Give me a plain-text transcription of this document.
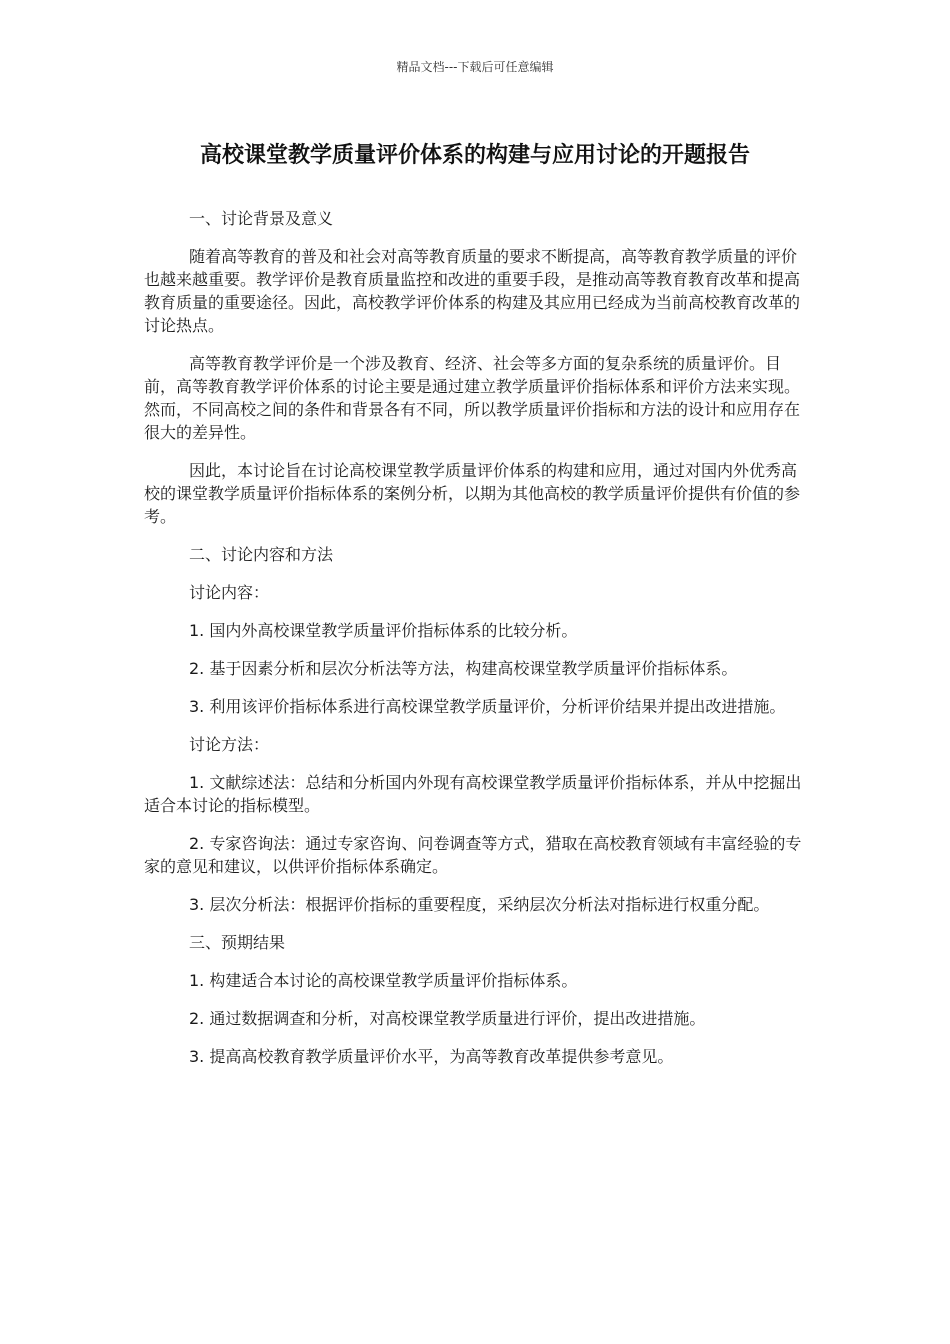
精品文档---下载后可任意编辑
高校课堂教学质量评价体系的构建与应用讨论的开题报告

一、讨论背景及意义

随着高等教育的普及和社会对高等教育质量的要求不断提高，高等教育教学质量的评价也越来越重要。教学评价是教育质量监控和改进的重要手段，是推动高等教育教育改革和提高教育质量的重要途径。因此，高校教学评价体系的构建及其应用已经成为当前高校教育改革的讨论热点。

高等教育教学评价是一个涉及教育、经济、社会等多方面的复杂系统的质量评价。目前，高等教育教学评价体系的讨论主要是通过建立教学质量评价指标体系和评价方法来实现。然而，不同高校之间的条件和背景各有不同，所以教学质量评价指标和方法的设计和应用存在很大的差异性。

因此，本讨论旨在讨论高校课堂教学质量评价体系的构建和应用，通过对国内外优秀高校的课堂教学质量评价指标体系的案例分析，以期为其他高校的教学质量评价提供有价值的参考。

二、讨论内容和方法

讨论内容：

1. 国内外高校课堂教学质量评价指标体系的比较分析。

2. 基于因素分析和层次分析法等方法，构建高校课堂教学质量评价指标体系。

3. 利用该评价指标体系进行高校课堂教学质量评价，分析评价结果并提出改进措施。

讨论方法：

1. 文献综述法：总结和分析国内外现有高校课堂教学质量评价指标体系，并从中挖掘出适合本讨论的指标模型。

2. 专家咨询法：通过专家咨询、问卷调查等方式，猎取在高校教育领域有丰富经验的专家的意见和建议，以供评价指标体系确定。

3. 层次分析法：根据评价指标的重要程度，采纳层次分析法对指标进行权重分配。

三、预期结果

1. 构建适合本讨论的高校课堂教学质量评价指标体系。

2. 通过数据调查和分析，对高校课堂教学质量进行评价，提出改进措施。

3. 提高高校教育教学质量评价水平，为高等教育改革提供参考意见。
